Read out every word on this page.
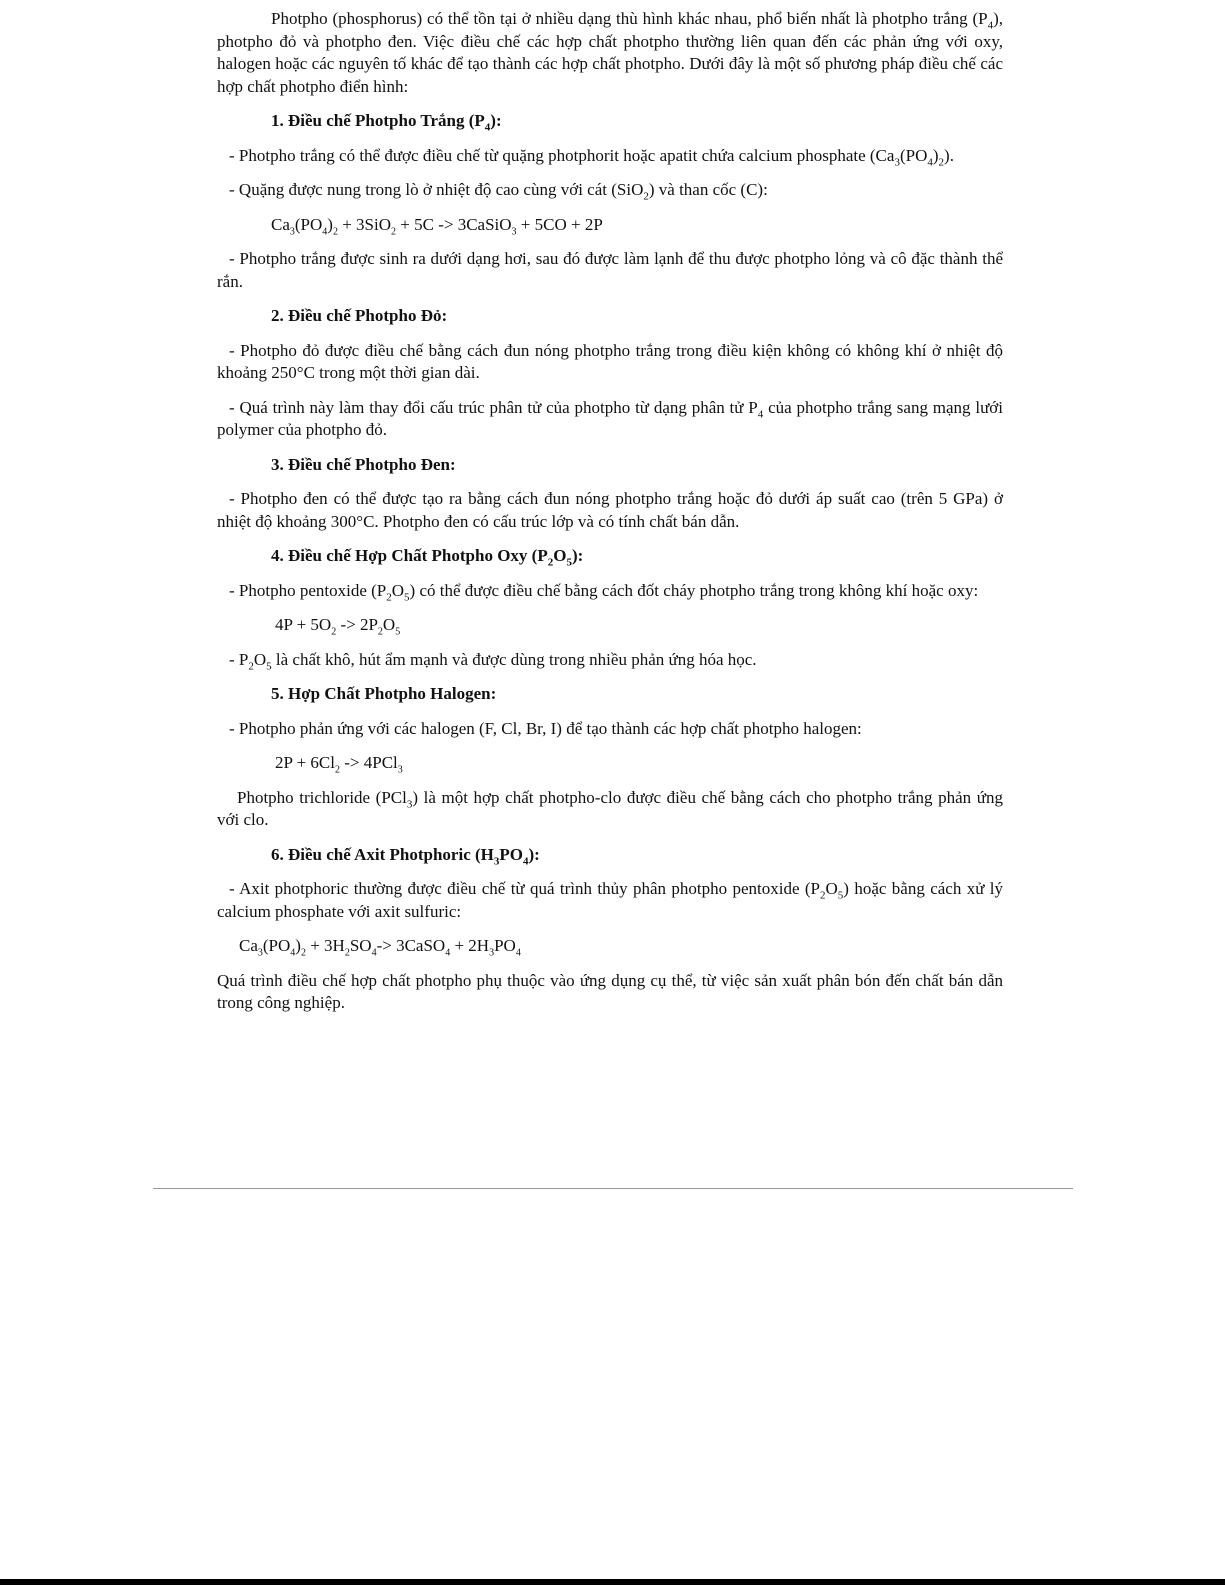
Photpho (phosphorus) có thể tồn tại ở nhiều dạng thù hình khác nhau, phổ biến nhất là photpho trắng $(P_4)$, photpho đỏ và photpho đen. Việc điều chế các hợp chất photpho thường liên quan đến các phản ứng với oxy, halogen hoặc các nguyên tố khác để tạo thành các hợp chất photpho. Dưới đây là một số phương pháp điều chế các hợp chất photpho điển hình:

1. Điều chế Photpho Trắng $(P_4)$:

- Photpho trắng có thể được điều chế từ quặng photphorit hoặc apatit chứa calcium phosphate $(Ca_3(PO_4)_2)$.

- Quặng được nung trong lò ở nhiệt độ cao cùng với cát (SiO$_2$) và than cốc (C):

$Ca_3(PO_4)_2 + 3SiO_2 + 5C$ -> 3CaSiO$_3$ + 5CO + 2P

- Photpho trắng được sinh ra dưới dạng hơi, sau đó được làm lạnh để thu được photpho lỏng và cô đặc thành thể rắn.

2. Điều chế Photpho Đỏ:

- Photpho đỏ được điều chế bằng cách đun nóng photpho trắng trong điều kiện không có không khí ở nhiệt độ khoảng 250°C trong một thời gian dài.

- Quá trình này làm thay đổi cấu trúc phân tử của photpho từ dạng phân tử $P_4$ của photpho trắng sang mạng lưới polymer của photpho đỏ.

3. Điều chế Photpho Đen:

- Photpho đen có thể được tạo ra bằng cách đun nóng photpho trắng hoặc đỏ dưới áp suất cao (trên 5 GPa) ở nhiệt độ khoảng 300°C. Photpho đen có cấu trúc lớp và có tính chất bán dẫn.

4. Điều chế Hợp Chất Photpho Oxy $(P_2O_5)$:

- Photpho pentoxide $(P_2O_5)$ có thể được điều chế bằng cách đốt cháy photpho trắng trong không khí hoặc oxy:

$4P + 5O_2 -> 2P_2O_5$

- $P_2O_5$ là chất khô, hút ẩm mạnh và được dùng trong nhiều phản ứng hóa học.

5. Hợp Chất Photpho Halogen:

- Photpho phản ứng với các halogen (F, Cl, Br, I) để tạo thành các hợp chất photpho halogen:

$2P + 6Cl_2 -> 4PCl_3$

Photpho trichloride (PCl$_3$) là một hợp chất photpho-clo được điều chế bằng cách cho photpho trắng phản ứng với clo.

6. Điều chế Axit Photphoric $(H_3PO_4)$:

- Axit photphoric thường được điều chế từ quá trình thủy phân photpho pentoxide $(P_2O_5)$ hoặc bằng cách xử lý calcium phosphate với axit sulfuric:

$Ca_3(PO_4)_2 + 3H_2SO_4->$ 3CaSO$_4$ + $2H_3PO_4$

Quá trình điều chế hợp chất photpho phụ thuộc vào ứng dụng cụ thể, từ việc sản xuất phân bón đến chất bán dẫn trong công nghiệp.
